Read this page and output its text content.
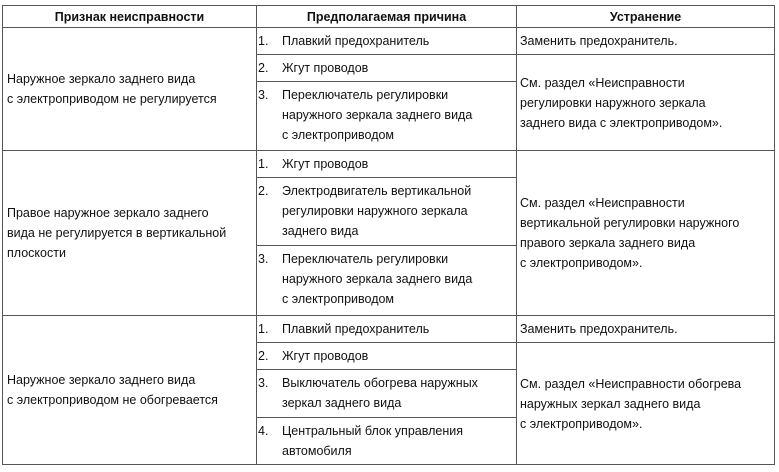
Признак неисправности	Предполагаемая причина	Устранение
Наружное зеркало заднего вида
с электроприводом не регулируется	1. Плавкий предохранитель	Заменить предохранитель.

	2. Жгут проводов	См. раздел «Неисправности
регулировки наружного зеркала
заднего вида с электроприводом».

	3. Переключатель регулировки
наружного зеркала заднего вида
с электроприводом	

Правое наружное зеркало заднего
вида не регулируется в вертикальной
плоскости	1. Жгут проводов	См. раздел «Неисправности
вертикальной регулировки наружного
правого зеркала заднего вида
с электроприводом».

	2. Электродвигатель вертикальной
регулировки наружного зеркала
заднего вида	

	3. Переключатель регулировки
наружного зеркала заднего вида
с электроприводом	

Наружное зеркало заднего вида
с электроприводом не обогревается	1. Плавкий предохранитель	Заменить предохранитель.

	2. Жгут проводов	См. раздел «Неисправности обогрева
наружных зеркал заднего вида
с электроприводом».

	3. Выключатель обогрева наружных
зеркал заднего вида	

	4. Центральный блок управления
автомобиля	
